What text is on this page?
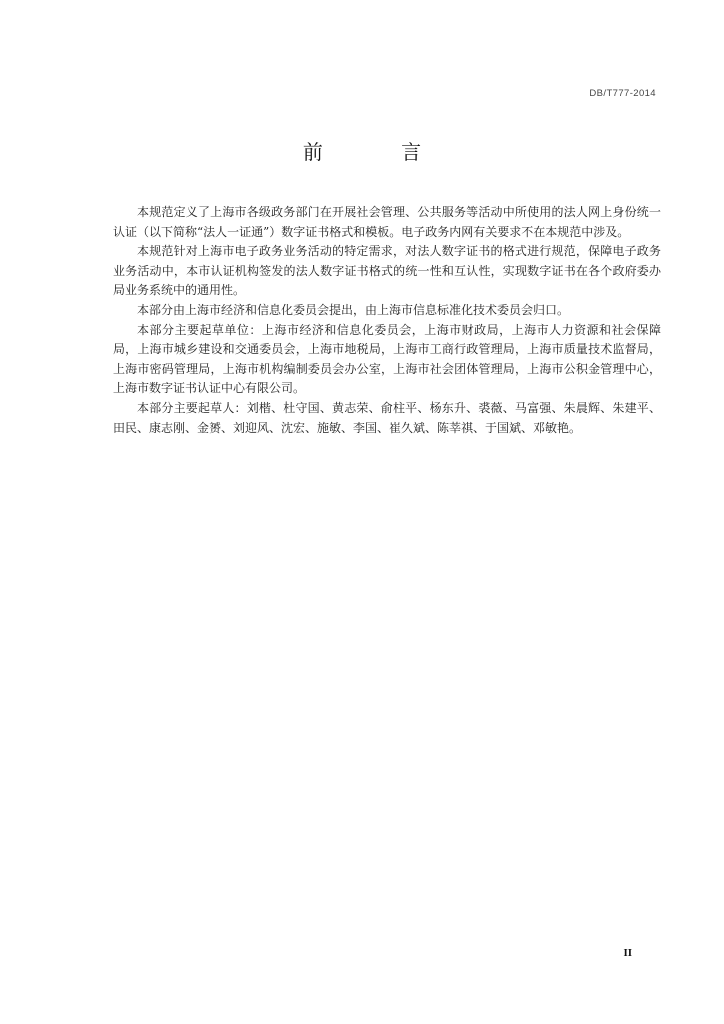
DB/T777-2014
前 言

本规范定义了上海市各级政务部门在开展社会管理、公共服务等活动中所使用的法人网上身份统一认证（以下简称“法人一证通”）数字证书格式和模板。电子政务内网有关要求不在本规范中涉及。

本规范针对上海市电子政务业务活动的特定需求，对法人数字证书的格式进行规范，保障电子政务业务活动中，本市认证机构签发的法人数字证书格式的统一性和互认性，实现数字证书在各个政府委办局业务系统中的通用性。

本部分由上海市经济和信息化委员会提出，由上海市信息标准化技术委员会归口。

本部分主要起草单位：上海市经济和信息化委员会，上海市财政局，上海市人力资源和社会保障局，上海市城乡建设和交通委员会，上海市地税局，上海市工商行政管理局，上海市质量技术监督局，上海市密码管理局，上海市机构编制委员会办公室，上海市社会团体管理局，上海市公积金管理中心，上海市数字证书认证中心有限公司。

本部分主要起草人：刘楷、杜守国、黄志荣、俞柱平、杨东升、裘薇、马富强、朱晨辉、朱建平、田民、康志刚、金赟、刘迎风、沈宏、施敏、李国、崔久斌、陈莘祺、于国斌、邓敏艳。

II
